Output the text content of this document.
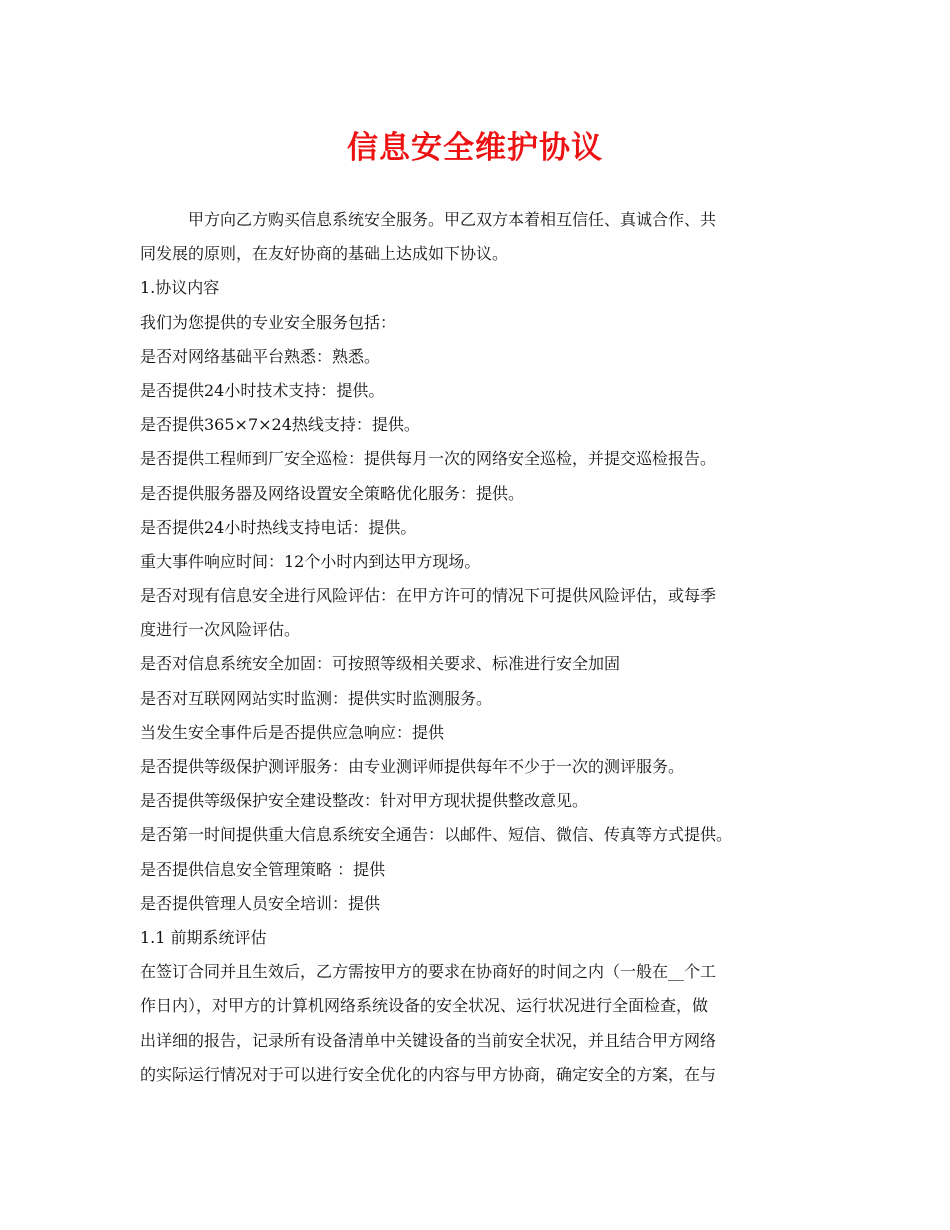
信息安全维护协议
甲方向乙方购买信息系统安全服务。甲乙双方本着相互信任、真诚合作、共
同发展的原则，在友好协商的基础上达成如下协议。
1.协议内容
我们为您提供的专业安全服务包括：
是否对网络基础平台熟悉：熟悉。
是否提供24小时技术支持：提供。
是否提供365×7×24热线支持：提供。
是否提供工程师到厂安全巡检：提供每月一次的网络安全巡检，并提交巡检报告。
是否提供服务器及网络设置安全策略优化服务：提供。
是否提供24小时热线支持电话：提供。
重大事件响应时间：12个小时内到达甲方现场。
是否对现有信息安全进行风险评估：在甲方许可的情况下可提供风险评估，或每季
度进行一次风险评估。
是否对信息系统安全加固：可按照等级相关要求、标准进行安全加固
是否对互联网网站实时监测：提供实时监测服务。
当发生安全事件后是否提供应急响应：提供
是否提供等级保护测评服务：由专业测评师提供每年不少于一次的测评服务。
是否提供等级保护安全建设整改：针对甲方现状提供整改意见。
是否第一时间提供重大信息系统安全通告：以邮件、短信、微信、传真等方式提供。
是否提供信息安全管理策略 ：提供
是否提供管理人员安全培训：提供
1.1 前期系统评估
在签订合同并且生效后，乙方需按甲方的要求在协商好的时间之内（一般在__个工
作日内），对甲方的计算机网络系统设备的安全状况、运行状况进行全面检查，做
出详细的报告，记录所有设备清单中关键设备的当前安全状况，并且结合甲方网络
的实际运行情况对于可以进行安全优化的内容与甲方协商，确定安全的方案，在与
